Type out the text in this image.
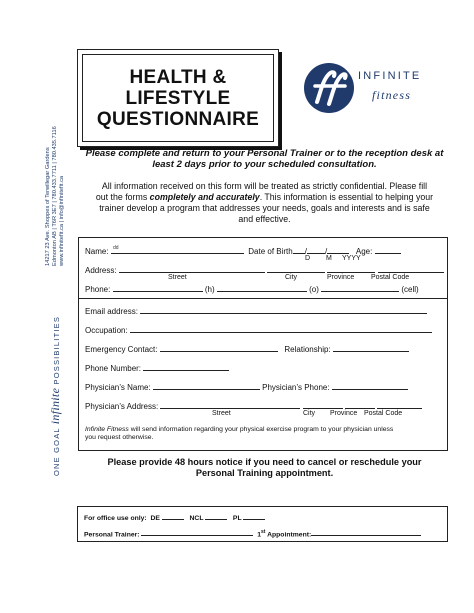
HEALTH &
LIFESTYLE
QUESTIONNAIRE
INFINITE
fitness
14217 23 Ave. Shoppes of Terwillegar Gardens Edmonton AB | T6R 3E7 | 780.433.7711 | 780.435.7116 www.infinitefit.ca | info@infinitefit.ca
ONE GOAL infinite POSSIBILITIES
Please complete and return to your Personal Trainer or to the reception desk at
least 2 days prior to your scheduled consultation.
All information received on this form will be treated as strictly confidential. Please fill
out the forms completely and accurately. This information is essential to helping your
trainer develop a program that addresses your needs, goals and interests and is safe
and effective.
Name:	Date of Birth / /	Age:
dd
D M YYYY
Address:
Street	City	Province Postal Code
Phone:	(h)	(o)	(cell)
Email address:
Occupation:
Emergency Contact:	Relationship:
Phone Number:
Physician’s Name:	Physician’s Phone:
Physician’s Address:
Street	City Province Postal Code
Infinite Fitness will send information regarding your physical exercise program to your physician unless
you request otherwise.
Please provide 48 hours notice if you need to cancel or reschedule your
Personal Training appointment.
For office use only: DE	NCL	PL
Personal Trainer:	1st Appointment:
